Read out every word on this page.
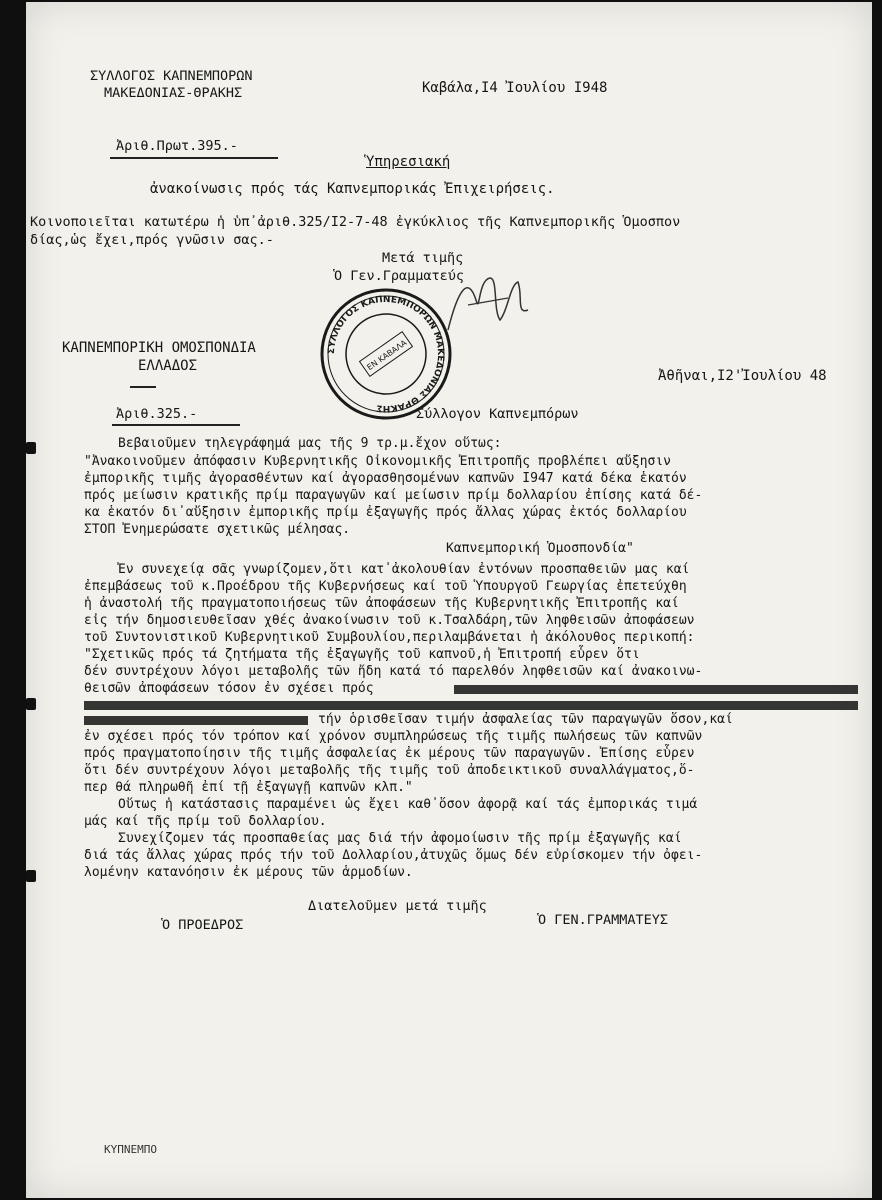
ΣΥΛΛΟΓΟΣ ΚΑΠΝΕΜΠΟΡΩΝ
ΜΑΚΕΔΟΝΙΑΣ-ΘΡΑΚΗΣ	Καβάλα,I4 Ἰουλίου I948
Ἀριθ.Πρωτ.395.-
Ὑπηρεσιακή
ἀνακοίνωσις πρός τάς Καπνεμπορικάς Ἐπιχειρήσεις.
Κοινοποιεῖται κατωτέρω ἡ ὑπ᾽ἀριθ.325/I2-7-48 ἐγκύκλιος τῆς Καπνεμπορικῆς Ὁμοσπον
δίας,ὡς ἔχει,πρός γνῶσιν σας.-
Μετά τιμῆς
Ὁ Γεν.Γραμματεύς
ΣΥΛΛΟΓΟΣ ΚΑΠΝΕΜΠΟΡΩΝ ΜΑΚΕΔΟΝΙΑΣ ΘΡΑΚΗΣ
ΕΝ ΚΑΒΑΛΑ
ΚΑΠΝΕΜΠΟΡΙΚΗ ΟΜΟΣΠΟΝΔΙΑ
ΕΛΛΑΔΟΣ
Ἀθῆναι,I2'Ἰουλίου 48
Ἀριθ.325.-	Σύλλογον Καπνεμπόρων
Βεβαιοῦμεν τηλεγράφημά μας τῆς 9 τρ.μ.ἔχον οὕτως:
"Ἀνακοινοῦμεν ἀπόφασιν Κυβερνητικῆς Οἰκονομικῆς Ἐπιτροπῆς προβλέπει αὔξησιν
ἐμπορικῆς τιμῆς ἀγορασθέντων καί ἀγορασθησομένων καπνῶν I947 κατά δέκα ἑκατόν
πρός μείωσιν κρατικῆς πρίμ παραγωγῶν καί μείωσιν πρίμ δολλαρίου ἐπίσης κατά δέ-
κα ἑκατόν δι᾽αὔξησιν ἐμπορικῆς πρίμ ἐξαγωγῆς πρός ἄλλας χώρας ἐκτός δολλαρίου
ΣΤΟΠ Ἐνημερώσατε σχετικῶς μέλησας.
Καπνεμπορική Ὁμοσπονδία"
Ἐν συνεχείᾳ σᾶς γνωρίζομεν,ὅτι κατ᾽ἀκολουθίαν ἐντόνων προσπαθειῶν μας καί
ἐπεμβάσεως τοῦ κ.Προέδρου τῆς Κυβερνήσεως καί τοῦ Ὑπουργοῦ Γεωργίας ἐπετεύχθη
ἡ ἀναστολή τῆς πραγματοποιήσεως τῶν ἀποφάσεων τῆς Κυβερνητικῆς Ἐπιτροπῆς καί
εἰς τήν δημοσιευθεῖσαν χθές ἀνακοίνωσιν τοῦ κ.Τσαλδάρη,τῶν ληφθεισῶν ἀποφάσεων
τοῦ Συντονιστικοῦ Κυβερνητικοῦ Συμβουλίου,περιλαμβάνεται ἡ ἀκόλουθος περικοπή:
"Σχετικῶς πρός τά ζητήματα τῆς ἐξαγωγῆς τοῦ καπνοῦ,ἡ Ἐπιτροπή εὗρεν ὅτι
δέν συντρέχουν λόγοι μεταβολῆς τῶν ἤδη κατά τό παρελθόν ληφθεισῶν καί ἀνακοινω-
θεισῶν ἀποφάσεων τόσον ἐν σχέσει πρός
τήν ὁρισθεῖσαν τιμήν ἀσφαλείας τῶν παραγωγῶν ὅσον,καί
ἐν σχέσει πρός τόν τρόπον καί χρόνον συμπληρώσεως τῆς τιμῆς πωλήσεως τῶν καπνῶν
πρός πραγματοποίησιν τῆς τιμῆς ἀσφαλείας ἐκ μέρους τῶν παραγωγῶν. Ἐπίσης εὗρεν
ὅτι δέν συντρέχουν λόγοι μεταβολῆς τῆς τιμῆς τοῦ ἀποδεικτικοῦ συναλλάγματος,ὅ-
περ θά πληρωθῆ ἐπί τῇ ἐξαγωγῇ καπνῶν κλπ."
Οὕτως ἡ κατάστασις παραμένει ὡς ἔχει καθ᾽ὅσον ἀφορᾷ καί τάς ἐμπορικάς τιμά
μάς καί τῆς πρίμ τοῦ δολλαρίου.
Συνεχίζομεν τάς προσπαθείας μας διά τήν ἀφομοίωσιν τῆς πρίμ ἐξαγωγῆς καί
διά τάς ἄλλας χώρας πρός τήν τοῦ Δολλαρίου,ἀτυχῶς ὅμως δέν εὑρίσκομεν τήν ὀφει-
λομένην κατανόησιν ἐκ μέρους τῶν ἁρμοδίων.
Διατελοῦμεν μετά τιμῆς
Ὁ ΠΡΟΕΔΡΟΣ	Ὁ ΓΕΝ.ΓΡΑΜΜΑΤΕΥΣ
ΚΥΠΝΕΜΠΟ
